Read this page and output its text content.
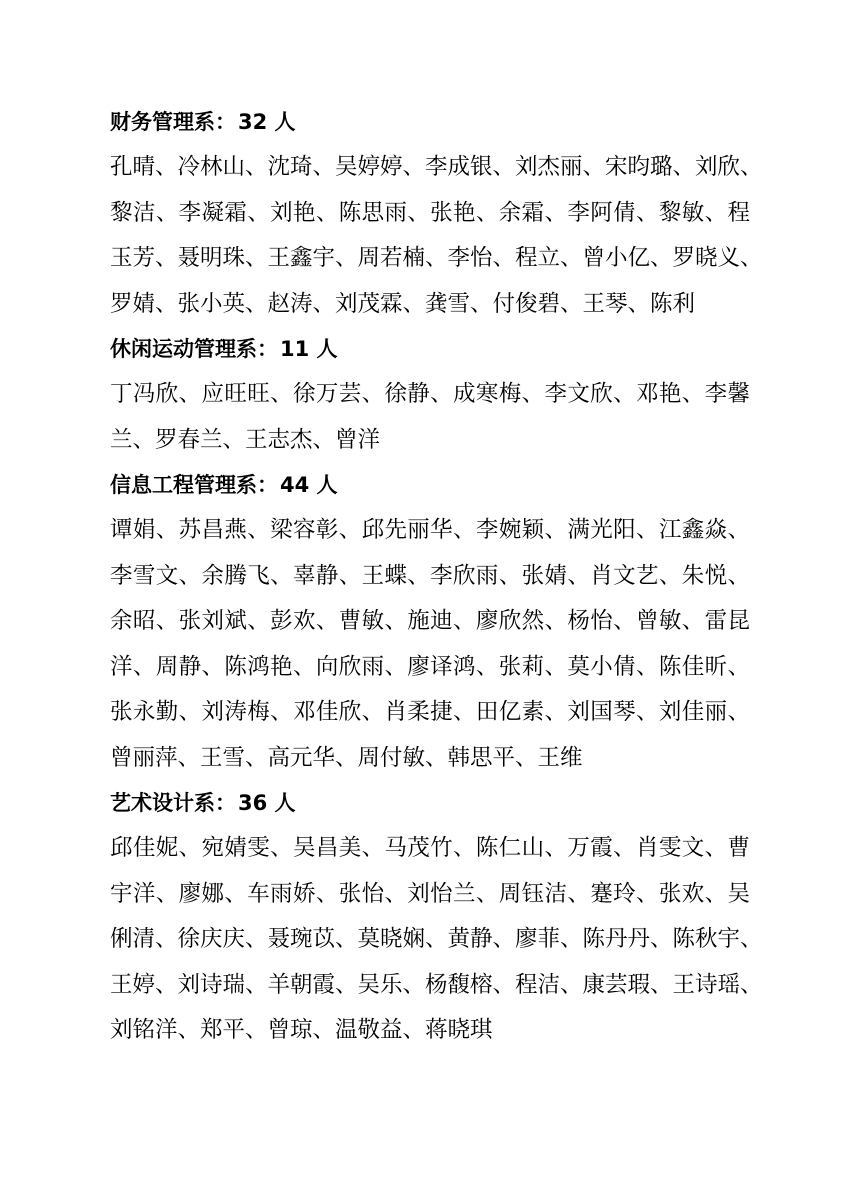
财务管理系：32 人
孔晴、冷林山、沈琦、吴婷婷、李成银、刘杰丽、宋昀璐、刘欣、
黎洁、李凝霜、刘艳、陈思雨、张艳、余霜、李阿倩、黎敏、程
玉芳、聂明珠、王鑫宇、周若楠、李怡、程立、曾小亿、罗晓义、
罗婧、张小英、赵涛、刘茂霖、龚雪、付俊碧、王琴、陈利
休闲运动管理系：11 人
丁冯欣、应旺旺、徐万芸、徐静、成寒梅、李文欣、邓艳、李馨
兰、罗春兰、王志杰、曾洋
信息工程管理系：44 人
谭娟、苏昌燕、梁容彰、邱先丽华、李婉颖、满光阳、江鑫焱、
李雪文、余腾飞、辜静、王蝶、李欣雨、张婧、肖文艺、朱悦、
余昭、张刘斌、彭欢、曹敏、施迪、廖欣然、杨怡、曾敏、雷昆
洋、周静、陈鸿艳、向欣雨、廖译鸿、张莉、莫小倩、陈佳昕、
张永勤、刘涛梅、邓佳欣、肖柔捷、田亿素、刘国琴、刘佳丽、
曾丽萍、王雪、高元华、周付敏、韩思平、王维
艺术设计系：36 人
邱佳妮、宛婧雯、吴昌美、马茂竹、陈仁山、万霞、肖雯文、曹
宇洋、廖娜、车雨娇、张怡、刘怡兰、周钰洁、蹇玲、张欢、吴
俐清、徐庆庆、聂琬苡、莫晓娴、黄静、廖菲、陈丹丹、陈秋宇、
王婷、刘诗瑞、羊朝霞、吴乐、杨馥榕、程洁、康芸瑕、王诗瑶、
刘铭洋、郑平、曾琼、温敬益、蒋晓琪
